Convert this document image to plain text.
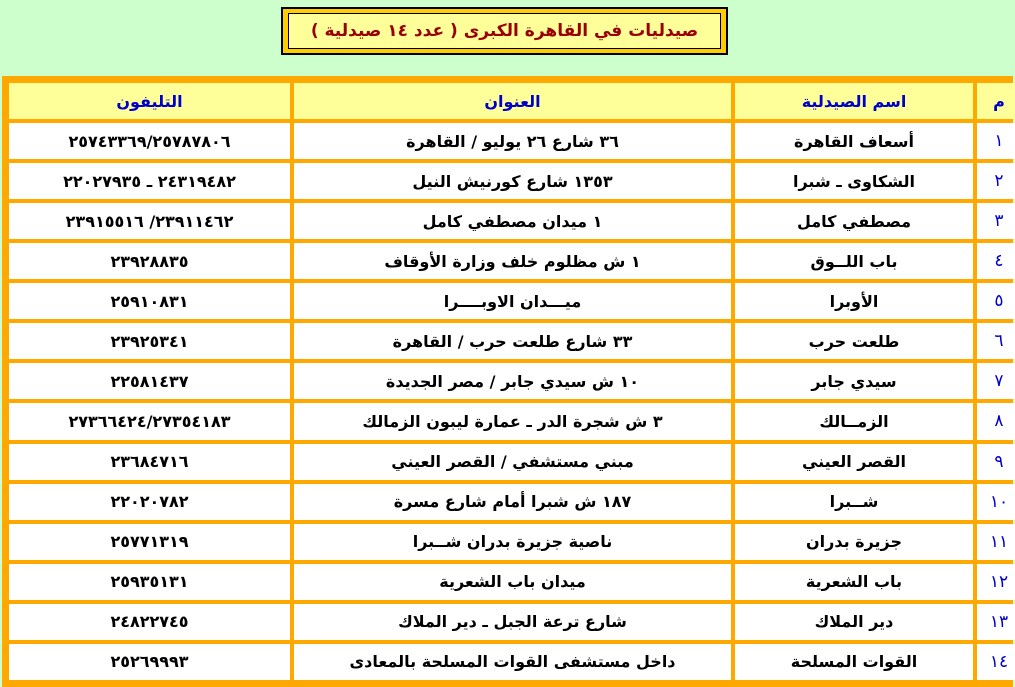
صيدليات في القاهرة الكبرى ( عدد ١٤ صيدلية )
م	اسم الصيدلية	العنوان	التليفون
١	أسعاف القاهرة	٣٦ شارع ٢٦ يوليو / القاهرة	٢٥٧٤٣٣٦٩/٢٥٧٨٧٨٠٦
٢	الشكاوى ـ شبرا	١٣٥٣ شارع كورنيش النيل	٢٤٣١٩٤٨٢ ـ ٢٢٠٢٧٩٣٥
٣	مصطفي كامل	١ ميدان مصطفي كامل	٢٣٩١١٤٦٢/ ٢٣٩١٥٥١٦
٤	باب اللــوق	١ ش مظلوم خلف وزارة الأوقاف	٢٣٩٢٨٨٣٥
٥	الأوبرا	ميـــدان الاوبــــرا	٢٥٩١٠٨٣١
٦	طلعت حرب	٣٣ شارع طلعت حرب / القاهرة	٢٣٩٢٥٣٤١
٧	سيدي جابر	١٠ ش سيدي جابر / مصر الجديدة	٢٢٥٨١٤٣٧
٨	الزمــالك	٣ ش شجرة الدر ـ عمارة ليبون الزمالك	٢٧٣٦٦٤٢٤/٢٧٣٥٤١٨٣
٩	القصر العيني	مبني مستشفي / القصر العيني	٢٣٦٨٤٧١٦
١٠	شــبرا	١٨٧ ش شبرا أمام شارع مسرة	٢٢٠٢٠٧٨٢
١١	جزيرة بدران	ناصية جزيرة بدران شــبرا	٢٥٧٧١٣١٩
١٢	باب الشعرية	ميدان باب الشعرية	٢٥٩٣٥١٣١
١٣	دير الملاك	شارع ترعة الجبل ـ دير الملاك	٢٤٨٢٢٧٤٥
١٤	القوات المسلحة	داخل مستشفى القوات المسلحة بالمعادى	٢٥٢٦٩٩٩٣
